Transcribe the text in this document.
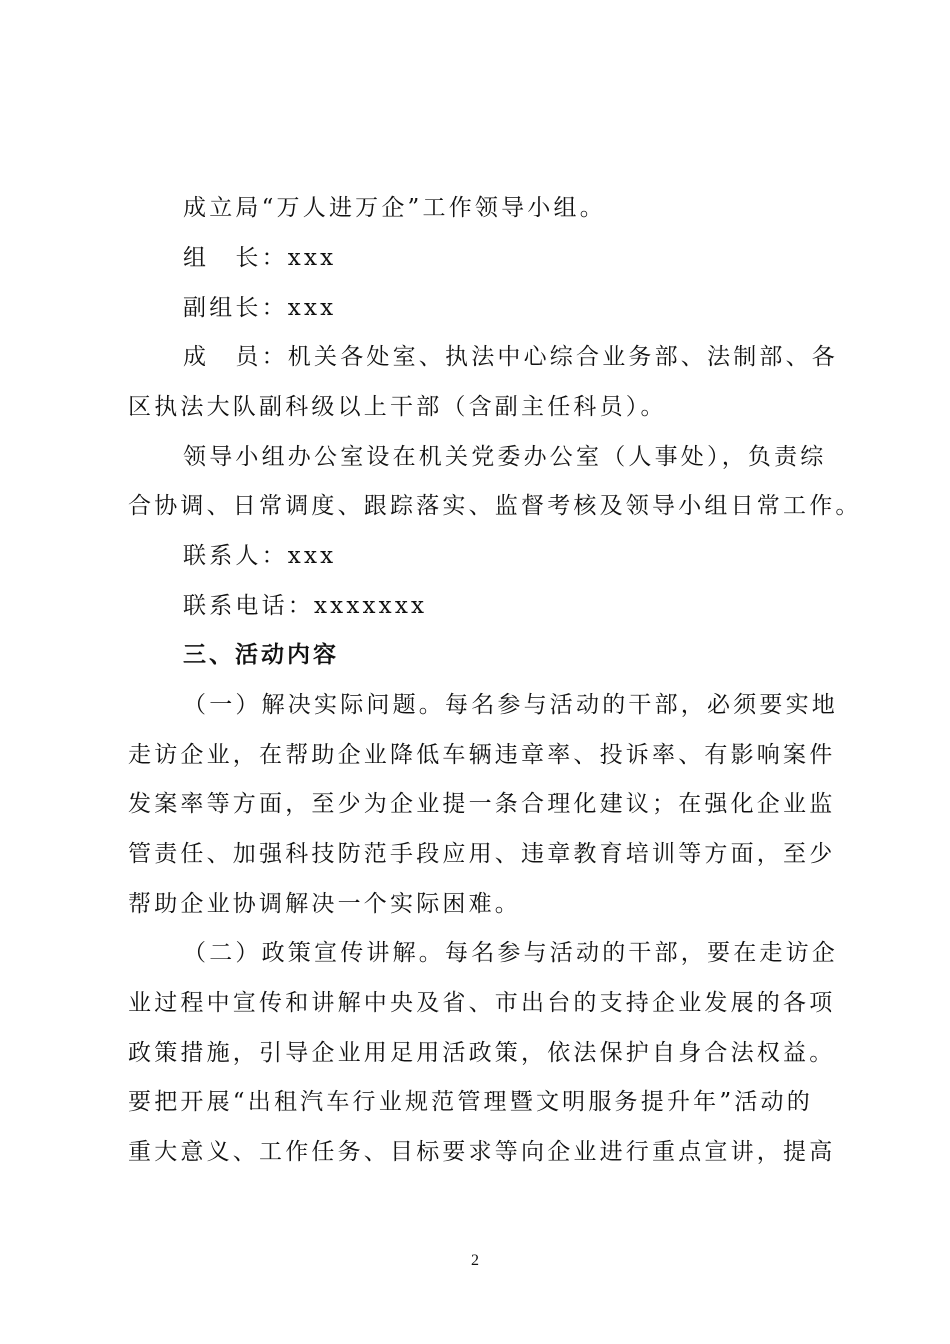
成立局“万人进万企”工作领导小组。
组　长：xxx
副组长：xxx
成　员：机关各处室、执法中心综合业务部、法制部、各
区执法大队副科级以上干部（含副主任科员）。
领导小组办公室设在机关党委办公室（人事处），负责综
合协调、日常调度、跟踪落实、监督考核及领导小组日常工作。
联系人：xxx
联系电话：xxxxxxx
三、活动内容
（一）解决实际问题。每名参与活动的干部，必须要实地
走访企业，在帮助企业降低车辆违章率、投诉率、有影响案件
发案率等方面，至少为企业提一条合理化建议；在强化企业监
管责任、加强科技防范手段应用、违章教育培训等方面，至少
帮助企业协调解决一个实际困难。
（二）政策宣传讲解。每名参与活动的干部，要在走访企
业过程中宣传和讲解中央及省、市出台的支持企业发展的各项
政策措施，引导企业用足用活政策，依法保护自身合法权益。
要把开展“出租汽车行业规范管理暨文明服务提升年”活动的
重大意义、工作任务、目标要求等向企业进行重点宣讲，提高
2
